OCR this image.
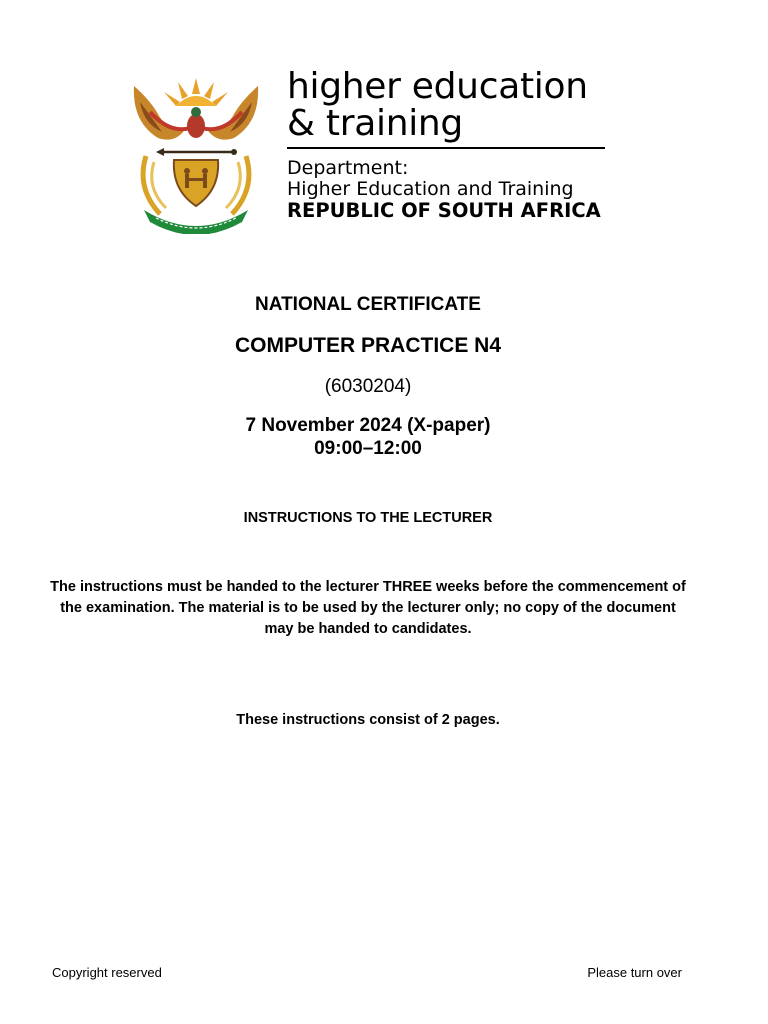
higher education
& training
Department:
Higher Education and Training
REPUBLIC OF SOUTH AFRICA
NATIONAL CERTIFICATE
COMPUTER PRACTICE N4
(6030204)
7 November 2024 (X-paper)
09:00–12:00
INSTRUCTIONS TO THE LECTURER
The instructions must be handed to the lecturer THREE weeks before the commencement of the examination. The material is to be used by the lecturer only; no copy of the document may be handed to candidates.
These instructions consist of 2 pages.
Copyright reserved	Please turn over
